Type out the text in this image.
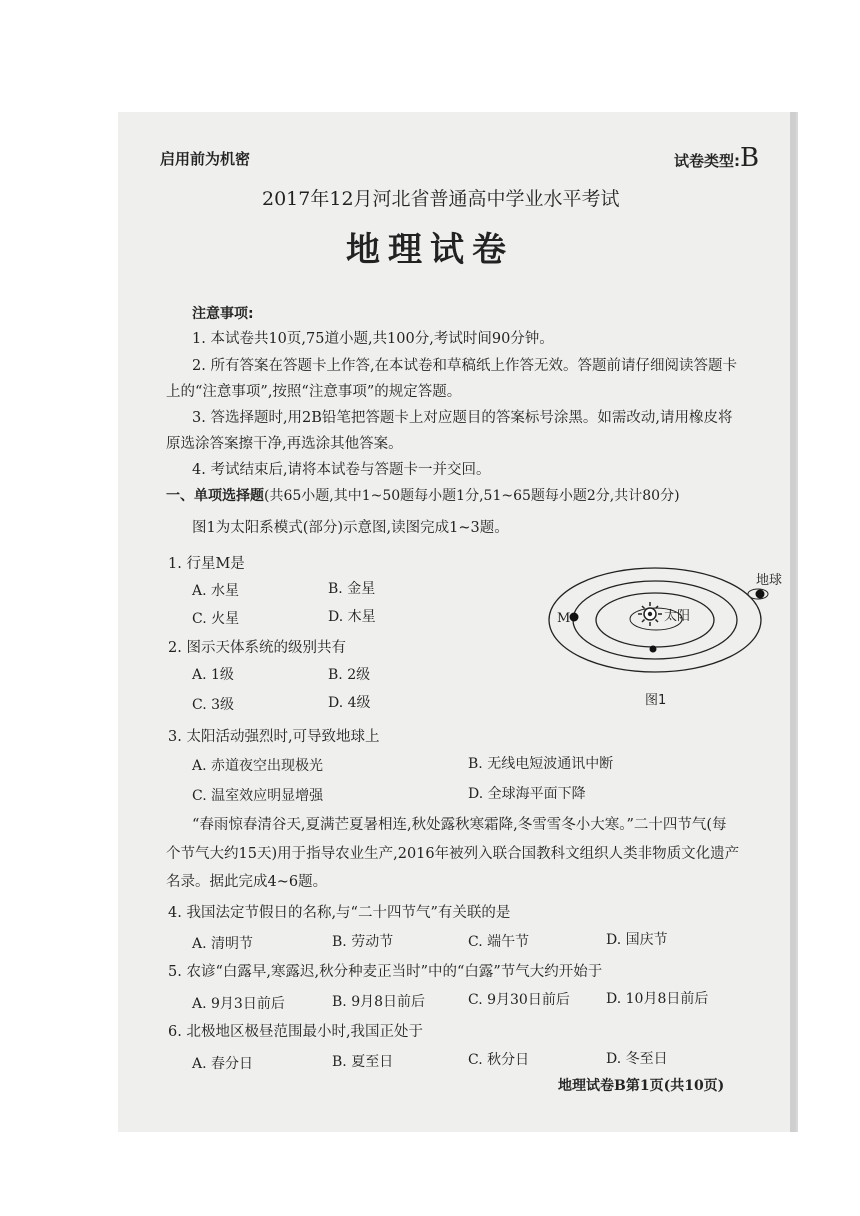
启用前为机密	试卷类型:B
2017年12月河北省普通高中学业水平考试
地理试卷
注意事项:
1. 本试卷共10页,75道小题,共100分,考试时间90分钟。
2. 所有答案在答题卡上作答,在本试卷和草稿纸上作答无效。答题前请仔细阅读答题卡
上的“注意事项”,按照“注意事项”的规定答题。
3. 答选择题时,用2B铅笔把答题卡上对应题目的答案标号涂黑。如需改动,请用橡皮将
原选涂答案擦干净,再选涂其他答案。
4. 考试结束后,请将本试卷与答题卡一并交回。
一、单项选择题(共65小题,其中1~50题每小题1分,51~65题每小题2分,共计80分)
图1为太阳系模式(部分)示意图,读图完成1~3题。
1. 行星M是
A. 水星	B. 金星
C. 火星	D. 木星
2. 图示天体系统的级别共有
A. 1级	B. 2级
C. 3级	D. 4级
3. 太阳活动强烈时,可导致地球上
A. 赤道夜空出现极光	B. 无线电短波通讯中断
C. 温室效应明显增强	D. 全球海平面下降
太阳
M
地球
图1
“春雨惊春清谷天,夏满芒夏暑相连,秋处露秋寒霜降,冬雪雪冬小大寒。”二十四节气(每
个节气大约15天)用于指导农业生产,2016年被列入联合国教科文组织人类非物质文化遗产
名录。据此完成4~6题。
4. 我国法定节假日的名称,与“二十四节气”有关联的是
A. 清明节	B. 劳动节	C. 端午节	D. 国庆节
5. 农谚“白露早,寒露迟,秋分种麦正当时”中的“白露”节气大约开始于
A. 9月3日前后	B. 9月8日前后	C. 9月30日前后	D. 10月8日前后
6. 北极地区极昼范围最小时,我国正处于
A. 春分日	B. 夏至日	C. 秋分日	D. 冬至日
地理试卷B第1页(共10页)
